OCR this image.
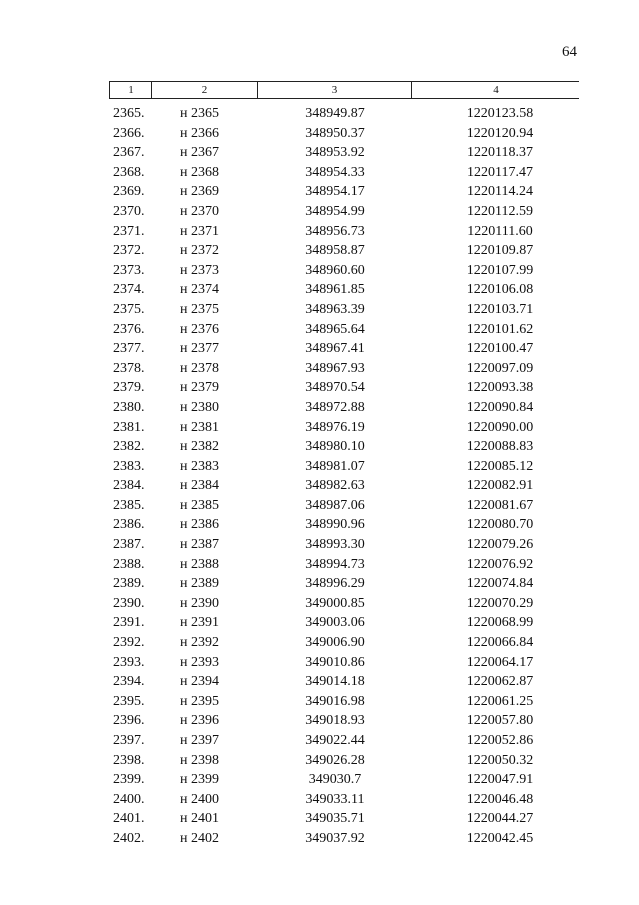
64
1	2	3	4
2365.	н 2365	348949.87	1220123.58
2366.	н 2366	348950.37	1220120.94
2367.	н 2367	348953.92	1220118.37
2368.	н 2368	348954.33	1220117.47
2369.	н 2369	348954.17	1220114.24
2370.	н 2370	348954.99	1220112.59
2371.	н 2371	348956.73	1220111.60
2372.	н 2372	348958.87	1220109.87
2373.	н 2373	348960.60	1220107.99
2374.	н 2374	348961.85	1220106.08
2375.	н 2375	348963.39	1220103.71
2376.	н 2376	348965.64	1220101.62
2377.	н 2377	348967.41	1220100.47
2378.	н 2378	348967.93	1220097.09
2379.	н 2379	348970.54	1220093.38
2380.	н 2380	348972.88	1220090.84
2381.	н 2381	348976.19	1220090.00
2382.	н 2382	348980.10	1220088.83
2383.	н 2383	348981.07	1220085.12
2384.	н 2384	348982.63	1220082.91
2385.	н 2385	348987.06	1220081.67
2386.	н 2386	348990.96	1220080.70
2387.	н 2387	348993.30	1220079.26
2388.	н 2388	348994.73	1220076.92
2389.	н 2389	348996.29	1220074.84
2390.	н 2390	349000.85	1220070.29
2391.	н 2391	349003.06	1220068.99
2392.	н 2392	349006.90	1220066.84
2393.	н 2393	349010.86	1220064.17
2394.	н 2394	349014.18	1220062.87
2395.	н 2395	349016.98	1220061.25
2396.	н 2396	349018.93	1220057.80
2397.	н 2397	349022.44	1220052.86
2398.	н 2398	349026.28	1220050.32
2399.	н 2399	349030.7	1220047.91
2400.	н 2400	349033.11	1220046.48
2401.	н 2401	349035.71	1220044.27
2402.	н 2402	349037.92	1220042.45
